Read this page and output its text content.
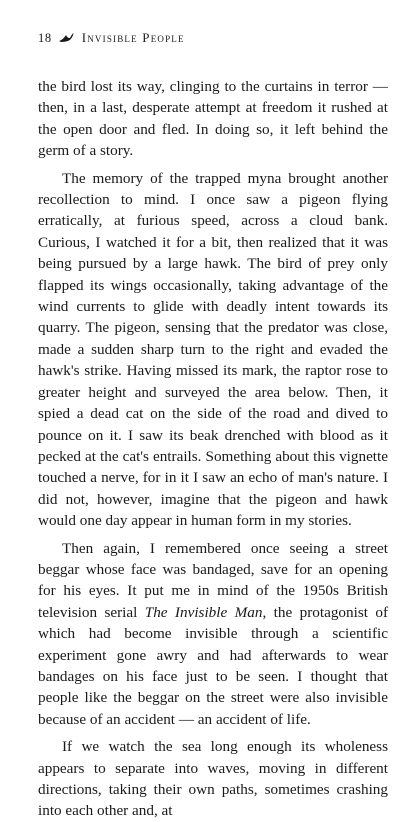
18 Invisible People

the bird lost its way, clinging to the curtains in terror — then, in a last, desperate attempt at freedom it rushed at the open door and fled. In doing so, it left behind the germ of a story.

The memory of the trapped myna brought another recollection to mind. I once saw a pigeon flying erratically, at furious speed, across a cloud bank. Curious, I watched it for a bit, then realized that it was being pursued by a large hawk. The bird of prey only flapped its wings occasionally, taking advantage of the wind currents to glide with deadly intent towards its quarry. The pigeon, sensing that the predator was close, made a sudden sharp turn to the right and evaded the hawk's strike. Having missed its mark, the raptor rose to greater height and surveyed the area below. Then, it spied a dead cat on the side of the road and dived to pounce on it. I saw its beak drenched with blood as it pecked at the cat's entrails. Something about this vignette touched a nerve, for in it I saw an echo of man's nature. I did not, however, imagine that the pigeon and hawk would one day appear in human form in my stories.

Then again, I remembered once seeing a street beggar whose face was bandaged, save for an opening for his eyes. It put me in mind of the 1950s British television serial The Invisible Man, the protagonist of which had become invisible through a scientific experiment gone awry and had afterwards to wear bandages on his face just to be seen. I thought that people like the beggar on the street were also invisible because of an accident — an accident of life.

If we watch the sea long enough its wholeness appears to separate into waves, moving in different directions, taking their own paths, sometimes crashing into each other and, at
